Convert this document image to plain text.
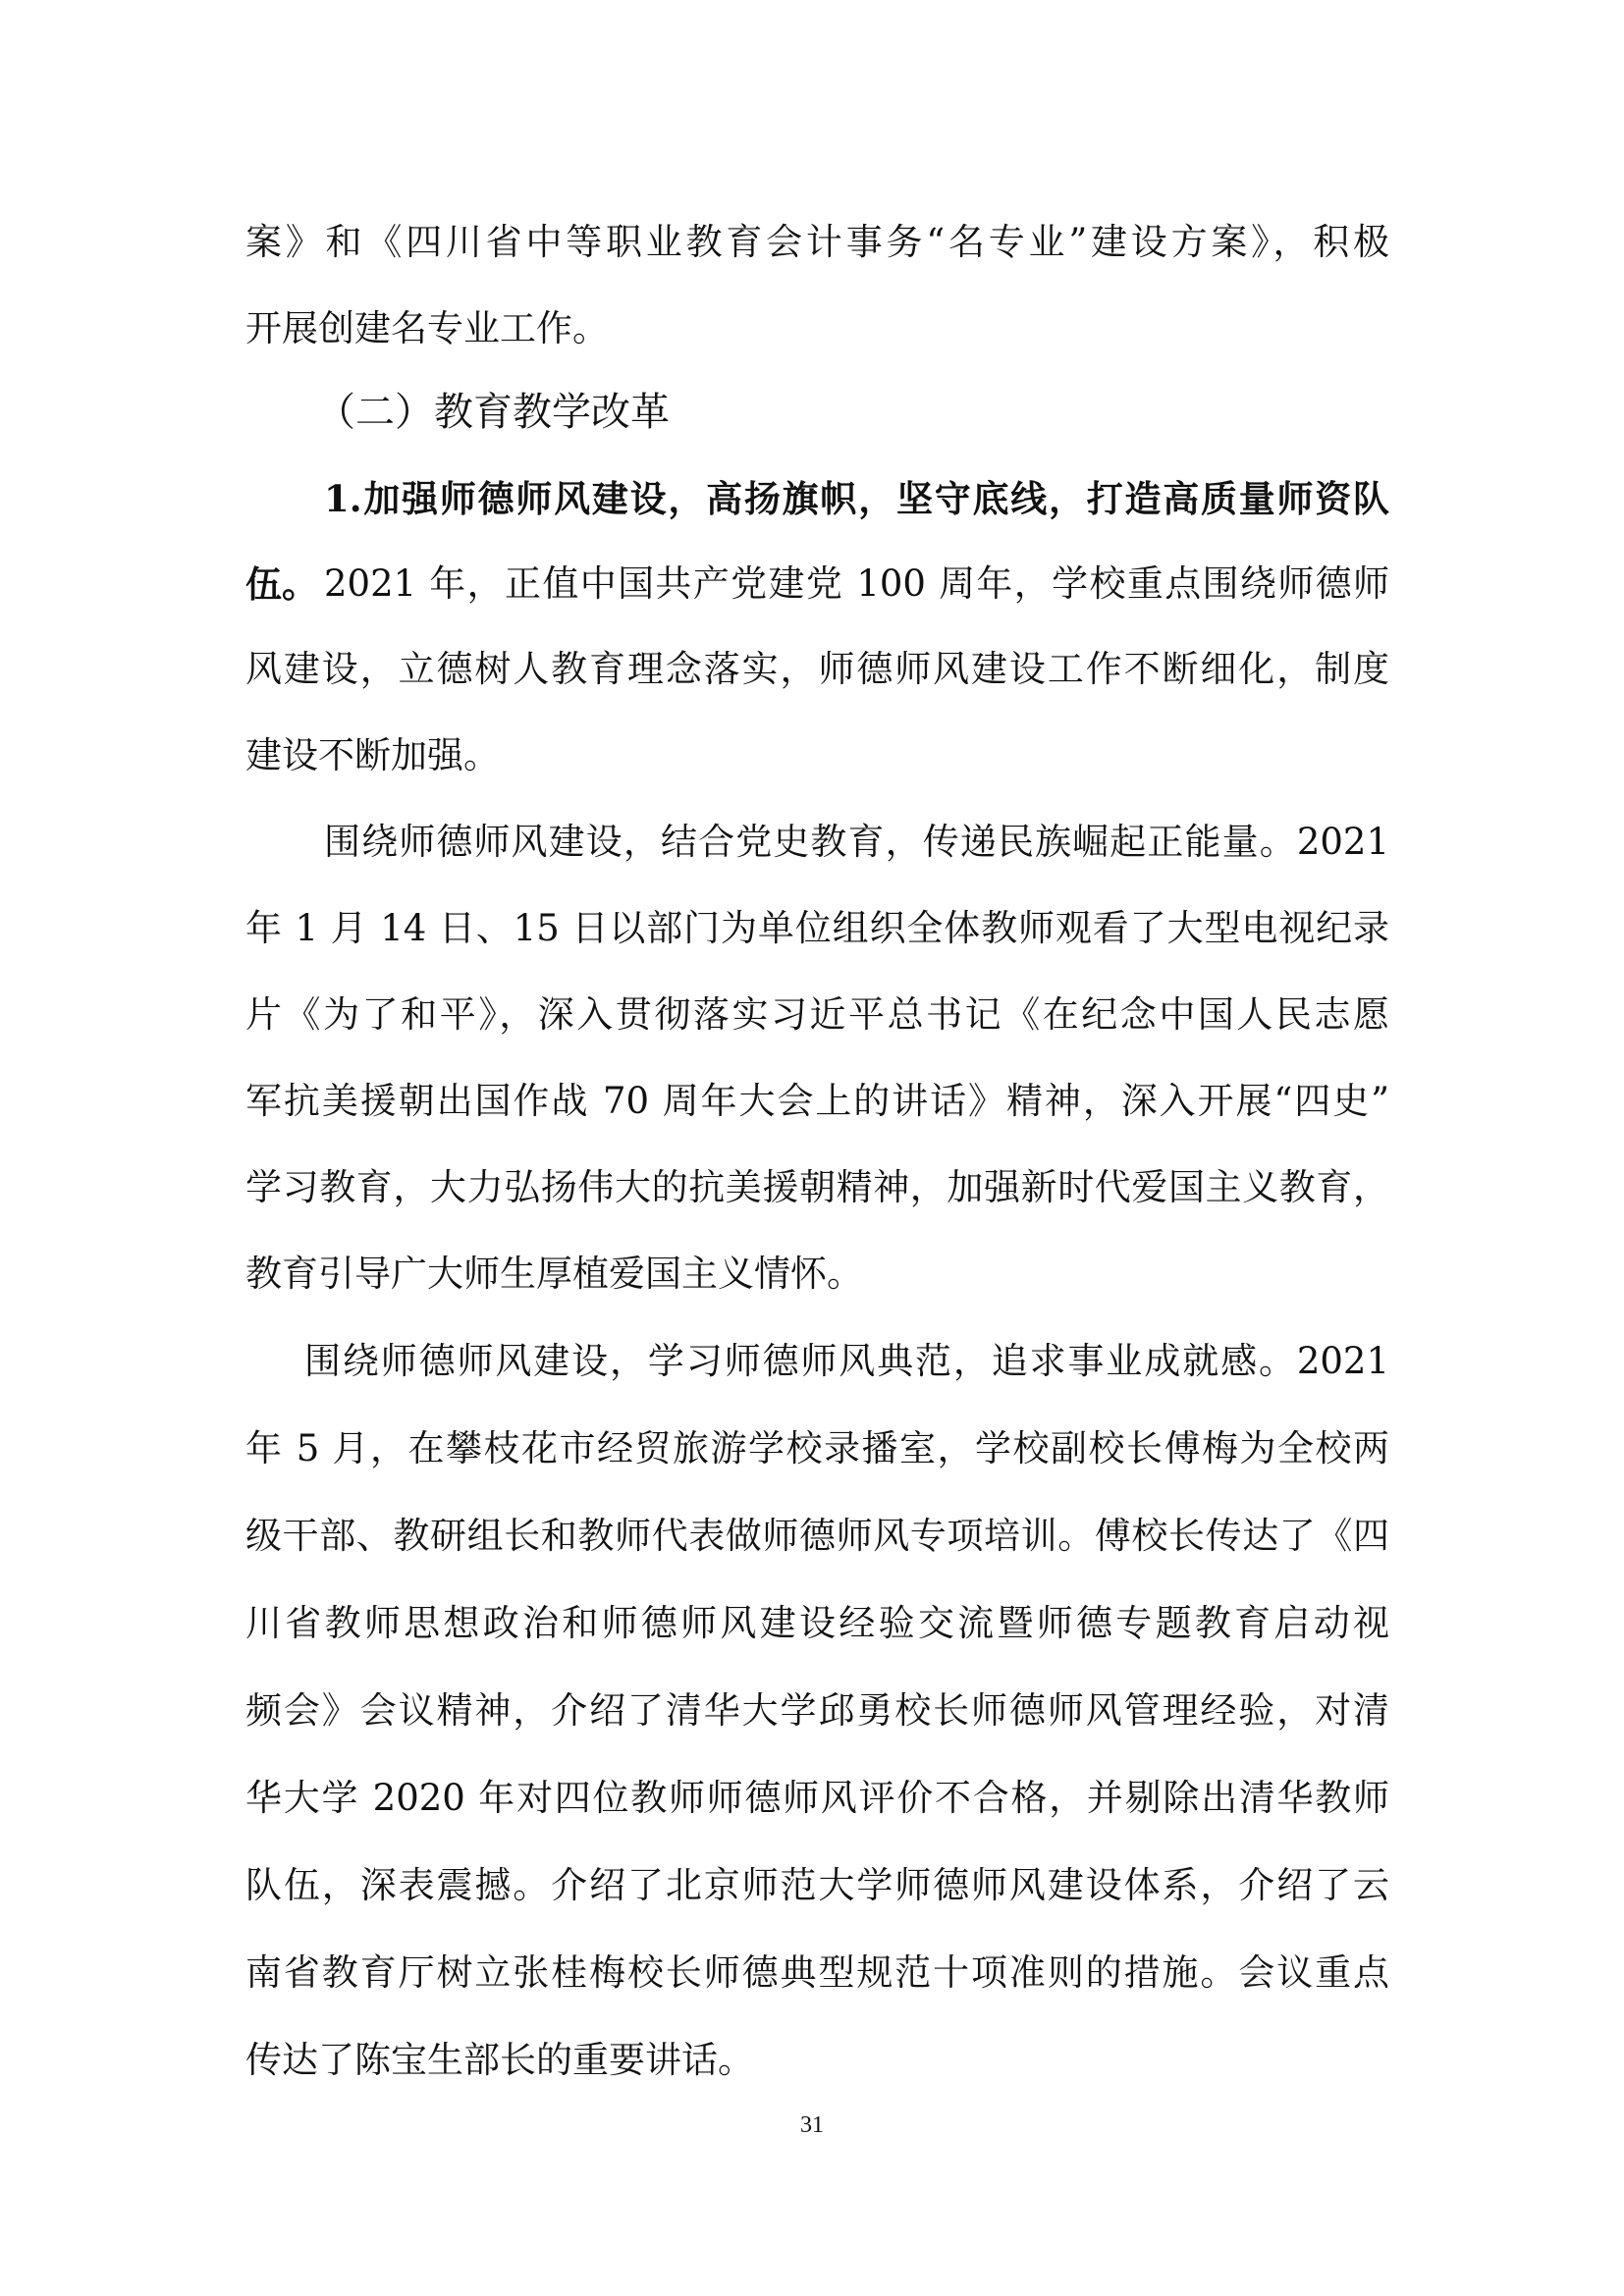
案》和《四川省中等职业教育会计事务“名专业”建设方案》，积极

开展创建名专业工作。

（二）教育教学改革

1.加强师德师风建设，高扬旗帜，坚守底线，打造高质量师资队

伍。

2021 年，正值中国共产党建党 100 周年，学校重点围绕师德师

风建设，立德树人教育理念落实，师德师风建设工作不断细化，制度

建设不断加强。

围绕师德师风建设，结合党史教育，传递民族崛起正能量。2021

年 1 月 14 日、15 日以部门为单位组织全体教师观看了大型电视纪录

片《为了和平》，深入贯彻落实习近平总书记《在纪念中国人民志愿

军抗美援朝出国作战 70 周年大会上的讲话》精神，深入开展“四史”

学习教育，大力弘扬伟大的抗美援朝精神，加强新时代爱国主义教育，

教育引导广大师生厚植爱国主义情怀。

围绕师德师风建设，学习师德师风典范，追求事业成就感。2021

年 5 月，在攀枝花市经贸旅游学校录播室，学校副校长傅梅为全校两

级干部、教研组长和教师代表做师德师风专项培训。傅校长传达了《四

川省教师思想政治和师德师风建设经验交流暨师德专题教育启动视

频会》会议精神，介绍了清华大学邱勇校长师德师风管理经验，对清

华大学 2020 年对四位教师师德师风评价不合格，并剔除出清华教师

队伍，深表震撼。介绍了北京师范大学师德师风建设体系，介绍了云

南省教育厅树立张桂梅校长师德典型规范十项准则的措施。会议重点

传达了陈宝生部长的重要讲话。

31
